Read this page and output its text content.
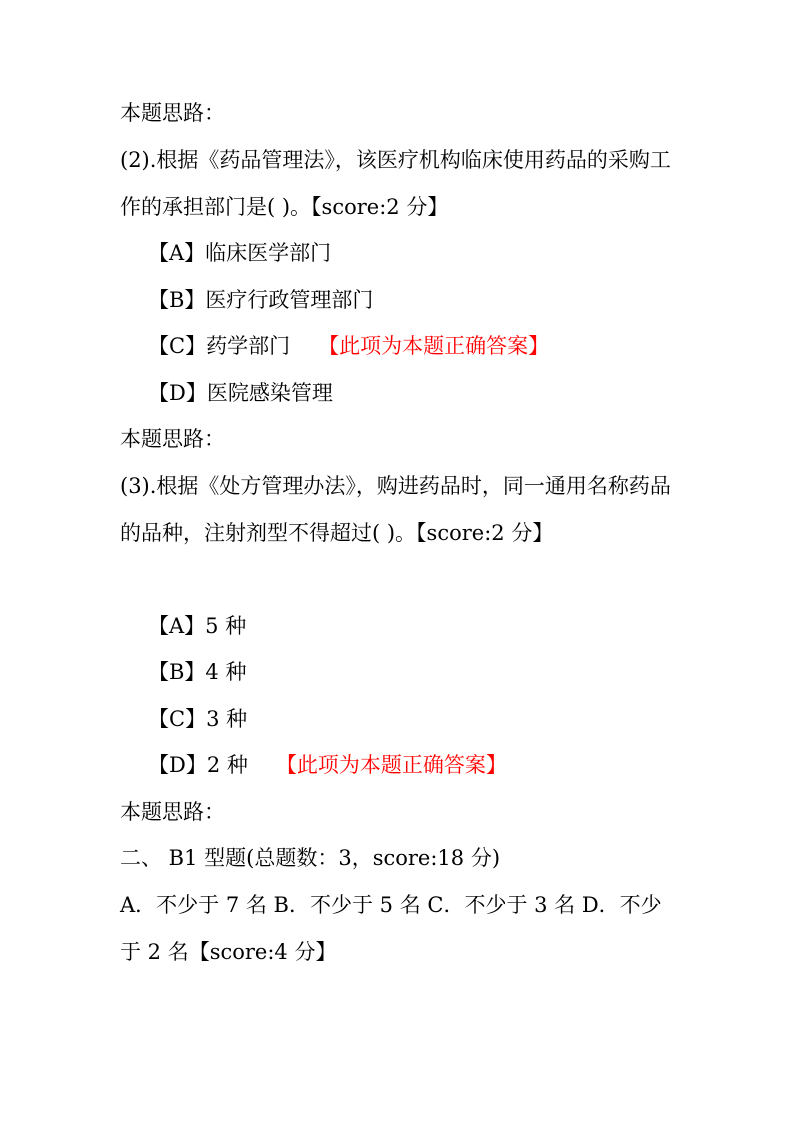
本题思路：
(2).根据《药品管理法》，该医疗机构临床使用药品的采购工作的承担部门是( )。【score:2 分】
【A】临床医学部门
【B】医疗行政管理部门
【C】药学部门 【此项为本题正确答案】
【D】医院感染管理
本题思路：
(3).根据《处方管理办法》，购进药品时，同一通用名称药品的品种，注射剂型不得超过( )。【score:2 分】
【A】5 种
【B】4 种
【C】3 种
【D】2 种 【此项为本题正确答案】
本题思路：
二、 B1 型题(总题数：3，score:18 分)
A．不少于 7 名 B．不少于 5 名 C．不少于 3 名 D．不少于 2 名【score:4 分】
